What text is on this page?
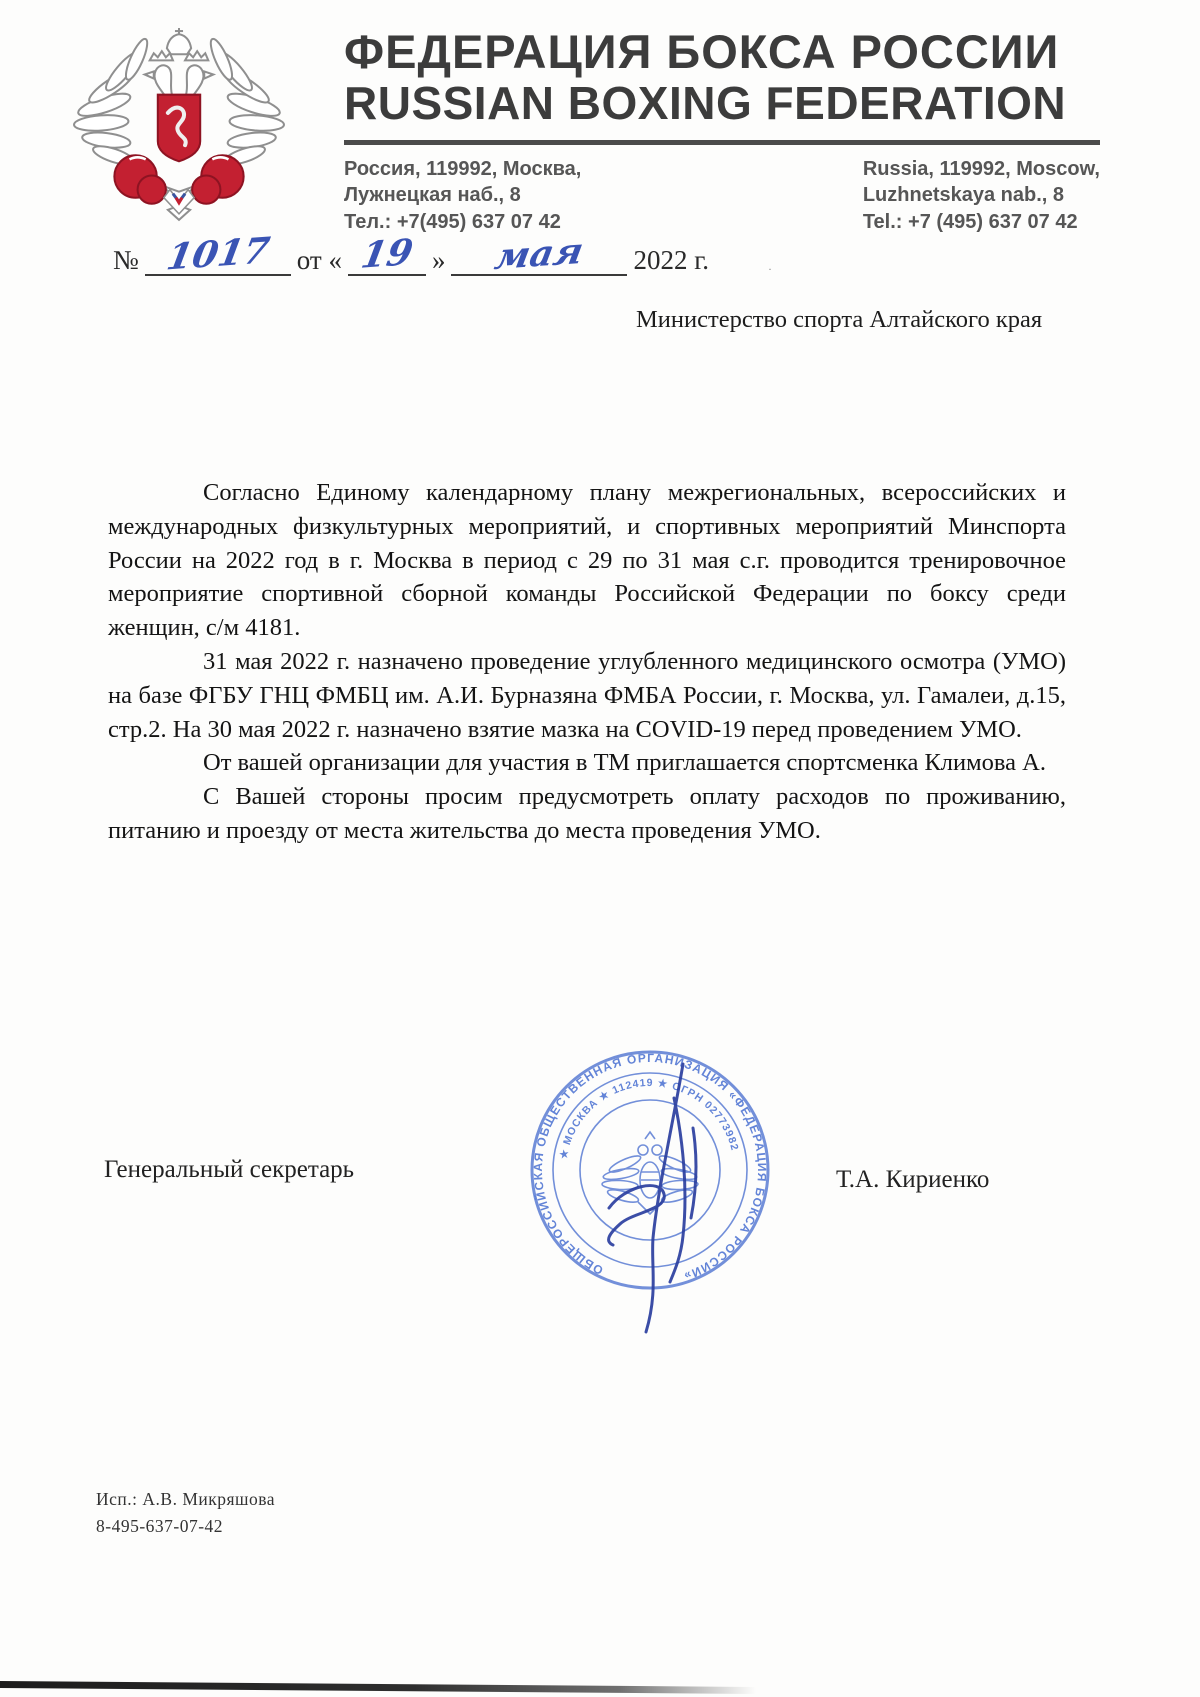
ФЕДЕРАЦИЯ БОКСА РОССИИ
RUSSIAN BOXING FEDERATION
Россия, 119992, Москва,
Лужнецкая наб., 8
Тел.: +7(495) 637 07 42
Russia, 119992, Moscow,
Luzhnetskaya nab., 8
Tel.: +7 (495) 637 07 42
№ 1017 от « 19 »	мая	2022 г.
Министерство спорта Алтайского края

Согласно Единому календарному плану межрегиональных, всероссийских и международных физкультурных мероприятий, и спортивных мероприятий Минспорта России на 2022 год в г. Москва в период с 29 по 31 мая с.г. проводится тренировочное мероприятие спортивной сборной команды Российской Федерации по боксу среди женщин, с/м 4181.

31 мая 2022 г. назначено проведение углубленного медицинского осмотра (УМО) на базе ФГБУ ГНЦ ФМБЦ им. А.И. Бурназяна ФМБА России, г. Москва, ул. Гамалеи, д.15, стр.2. На 30 мая 2022 г. назначено взятие мазка на COVID-19 перед проведением УМО.

От вашей организации для участия в ТМ приглашается спортсменка Климова А.

С Вашей стороны просим предусмотреть оплату расходов по проживанию, питанию и проезду от места жительства до места проведения УМО.

Генеральный секретарь	Т.А. Кириенко
ОБЩЕРОССИЙСКАЯ ОБЩЕСТВЕННАЯ ОРГАНИЗАЦИЯ «ФЕДЕРАЦИЯ БОКСА РОССИИ»
★ МОСКВА ★ 112419 ★ ОГРН 02773982
Исп.: А.В. Микряшова
8-495-637-07-42
·
